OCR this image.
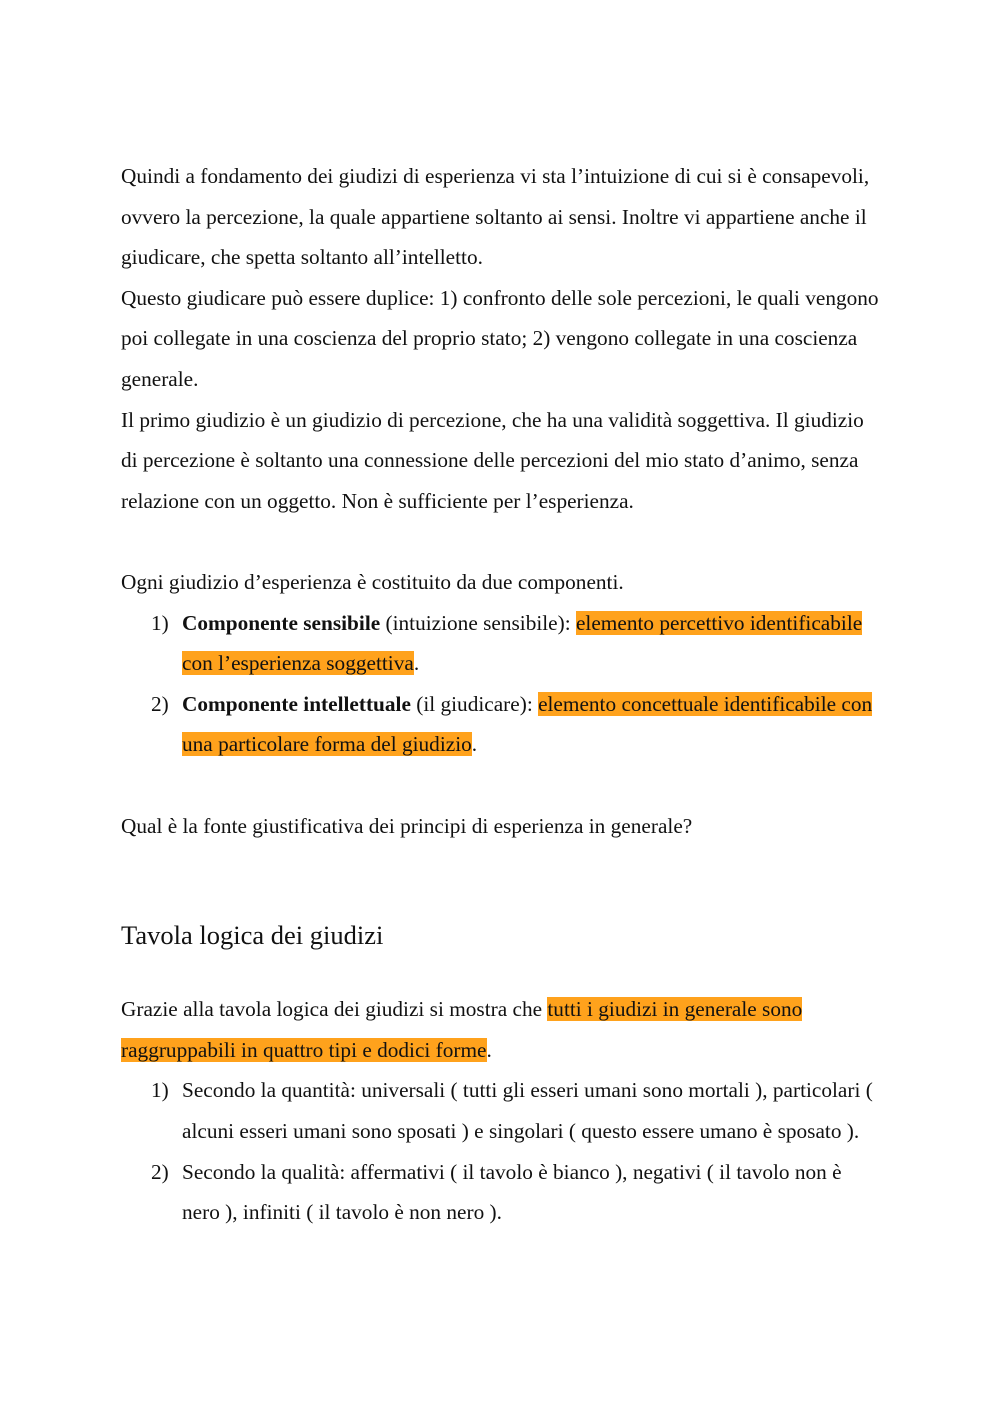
Quindi a fondamento dei giudizi di esperienza vi sta l’intuizione di cui si è consapevoli, ovvero la percezione, la quale appartiene soltanto ai sensi. Inoltre vi appartiene anche il giudicare, che spetta soltanto all’intelletto.

Questo giudicare può essere duplice: 1) confronto delle sole percezioni, le quali vengono poi collegate in una coscienza del proprio stato; 2) vengono collegate in una coscienza generale.

Il primo giudizio è un giudizio di percezione, che ha una validità soggettiva. Il giudizio di percezione è soltanto una connessione delle percezioni del mio stato d’animo, senza relazione con un oggetto. Non è sufficiente per l’esperienza.

Ogni giudizio d’esperienza è costituito da due componenti.

1) Componente sensibile (intuizione sensibile): elemento percettivo identificabile con l’esperienza soggettiva.
2) Componente intellettuale (il giudicare): elemento concettuale identificabile con una particolare forma del giudizio.

Qual è la fonte giustificativa dei principi di esperienza in generale?

Tavola logica dei giudizi

Grazie alla tavola logica dei giudizi si mostra che tutti i giudizi in generale sono raggruppabili in quattro tipi e dodici forme.

1) Secondo la quantità: universali ( tutti gli esseri umani sono mortali ), particolari ( alcuni esseri umani sono sposati ) e singolari ( questo essere umano è sposato ).
2) Secondo la qualità: affermativi ( il tavolo è bianco ), negativi ( il tavolo non è nero ), infiniti ( il tavolo è non nero ).
